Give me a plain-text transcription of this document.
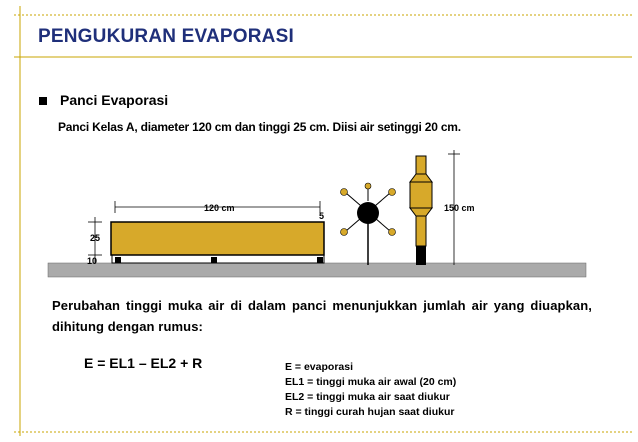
PENGUKURAN EVAPORASI
Panci Evaporasi
Panci Kelas A, diameter 120 cm dan tinggi 25 cm. Diisi air setinggi 20 cm.
120 cm
25
10
5
150 cm
Perubahan tinggi muka air di dalam panci menunjukkan jumlah air yang diuapkan, dihitung dengan rumus:
E = EL1 – EL2 + R	E = evaporasi
EL1 = tinggi muka air awal (20 cm)
EL2 = tinggi muka air saat diukur
R = tinggi curah hujan saat diukur
